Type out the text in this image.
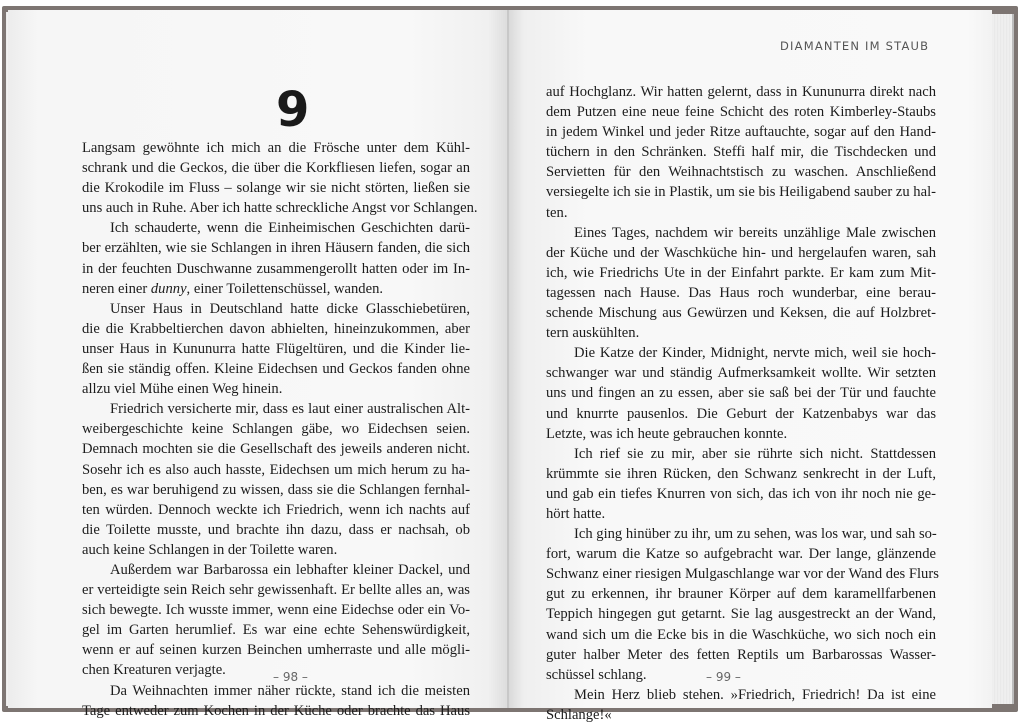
9
DIAMANTEN IM STAUB
Langsam gewöhnte ich mich an die Frösche unter dem Kühl-
schrank und die Geckos, die über die Korkfliesen liefen, sogar an
die Krokodile im Fluss – solange wir sie nicht störten, ließen sie
uns auch in Ruhe. Aber ich hatte schreckliche Angst vor Schlangen.
Ich schauderte, wenn die Einheimischen Geschichten darü-
ber erzählten, wie sie Schlangen in ihren Häusern fanden, die sich
in der feuchten Duschwanne zusammengerollt hatten oder im In-
neren einer dunny, einer Toilettenschüssel, wanden.
Unser Haus in Deutschland hatte dicke Glasschiebetüren,
die die Krabbeltierchen davon abhielten, hineinzukommen, aber
unser Haus in Kununurra hatte Flügeltüren, und die Kinder lie-
ßen sie ständig offen. Kleine Eidechsen und Geckos fanden ohne
allzu viel Mühe einen Weg hinein.
Friedrich versicherte mir, dass es laut einer australischen Alt-
weibergeschichte keine Schlangen gäbe, wo Eidechsen seien.
Demnach mochten sie die Gesellschaft des jeweils anderen nicht.
Sosehr ich es also auch hasste, Eidechsen um mich herum zu ha-
ben, es war beruhigend zu wissen, dass sie die Schlangen fernhal-
ten würden. Dennoch weckte ich Friedrich, wenn ich nachts auf
die Toilette musste, und brachte ihn dazu, dass er nachsah, ob
auch keine Schlangen in der Toilette waren.
Außerdem war Barbarossa ein lebhafter kleiner Dackel, und
er verteidigte sein Reich sehr gewissenhaft. Er bellte alles an, was
sich bewegte. Ich wusste immer, wenn eine Eidechse oder ein Vo-
gel im Garten herumlief. Es war eine echte Sehenswürdigkeit,
wenn er auf seinen kurzen Beinchen umherraste und alle mögli-
chen Kreaturen verjagte.
Da Weihnachten immer näher rückte, stand ich die meisten
Tage entweder zum Kochen in der Küche oder brachte das Haus
auf Hochglanz. Wir hatten gelernt, dass in Kununurra direkt nach
dem Putzen eine neue feine Schicht des roten Kimberley-Staubs
in jedem Winkel und jeder Ritze auftauchte, sogar auf den Hand-
tüchern in den Schränken. Steffi half mir, die Tischdecken und
Servietten für den Weihnachtstisch zu waschen. Anschließend
versiegelte ich sie in Plastik, um sie bis Heiligabend sauber zu hal-
ten.
Eines Tages, nachdem wir bereits unzählige Male zwischen
der Küche und der Waschküche hin- und hergelaufen waren, sah
ich, wie Friedrichs Ute in der Einfahrt parkte. Er kam zum Mit-
tagessen nach Hause. Das Haus roch wunderbar, eine berau-
schende Mischung aus Gewürzen und Keksen, die auf Holzbret-
tern auskühlten.
Die Katze der Kinder, Midnight, nervte mich, weil sie hoch-
schwanger war und ständig Aufmerksamkeit wollte. Wir setzten
uns und fingen an zu essen, aber sie saß bei der Tür und fauchte
und knurrte pausenlos. Die Geburt der Katzenbabys war das
Letzte, was ich heute gebrauchen konnte.
Ich rief sie zu mir, aber sie rührte sich nicht. Stattdessen
krümmte sie ihren Rücken, den Schwanz senkrecht in der Luft,
und gab ein tiefes Knurren von sich, das ich von ihr noch nie ge-
hört hatte.
Ich ging hinüber zu ihr, um zu sehen, was los war, und sah so-
fort, warum die Katze so aufgebracht war. Der lange, glänzende
Schwanz einer riesigen Mulgaschlange war vor der Wand des Flurs
gut zu erkennen, ihr brauner Körper auf dem karamellfarbenen
Teppich hingegen gut getarnt. Sie lag ausgestreckt an der Wand,
wand sich um die Ecke bis in die Waschküche, wo sich noch ein
guter halber Meter des fetten Reptils um Barbarossas Wasser-
schüssel schlang.
Mein Herz blieb stehen. »Friedrich, Friedrich! Da ist eine
Schlange!«
– 98 –	– 99 –
